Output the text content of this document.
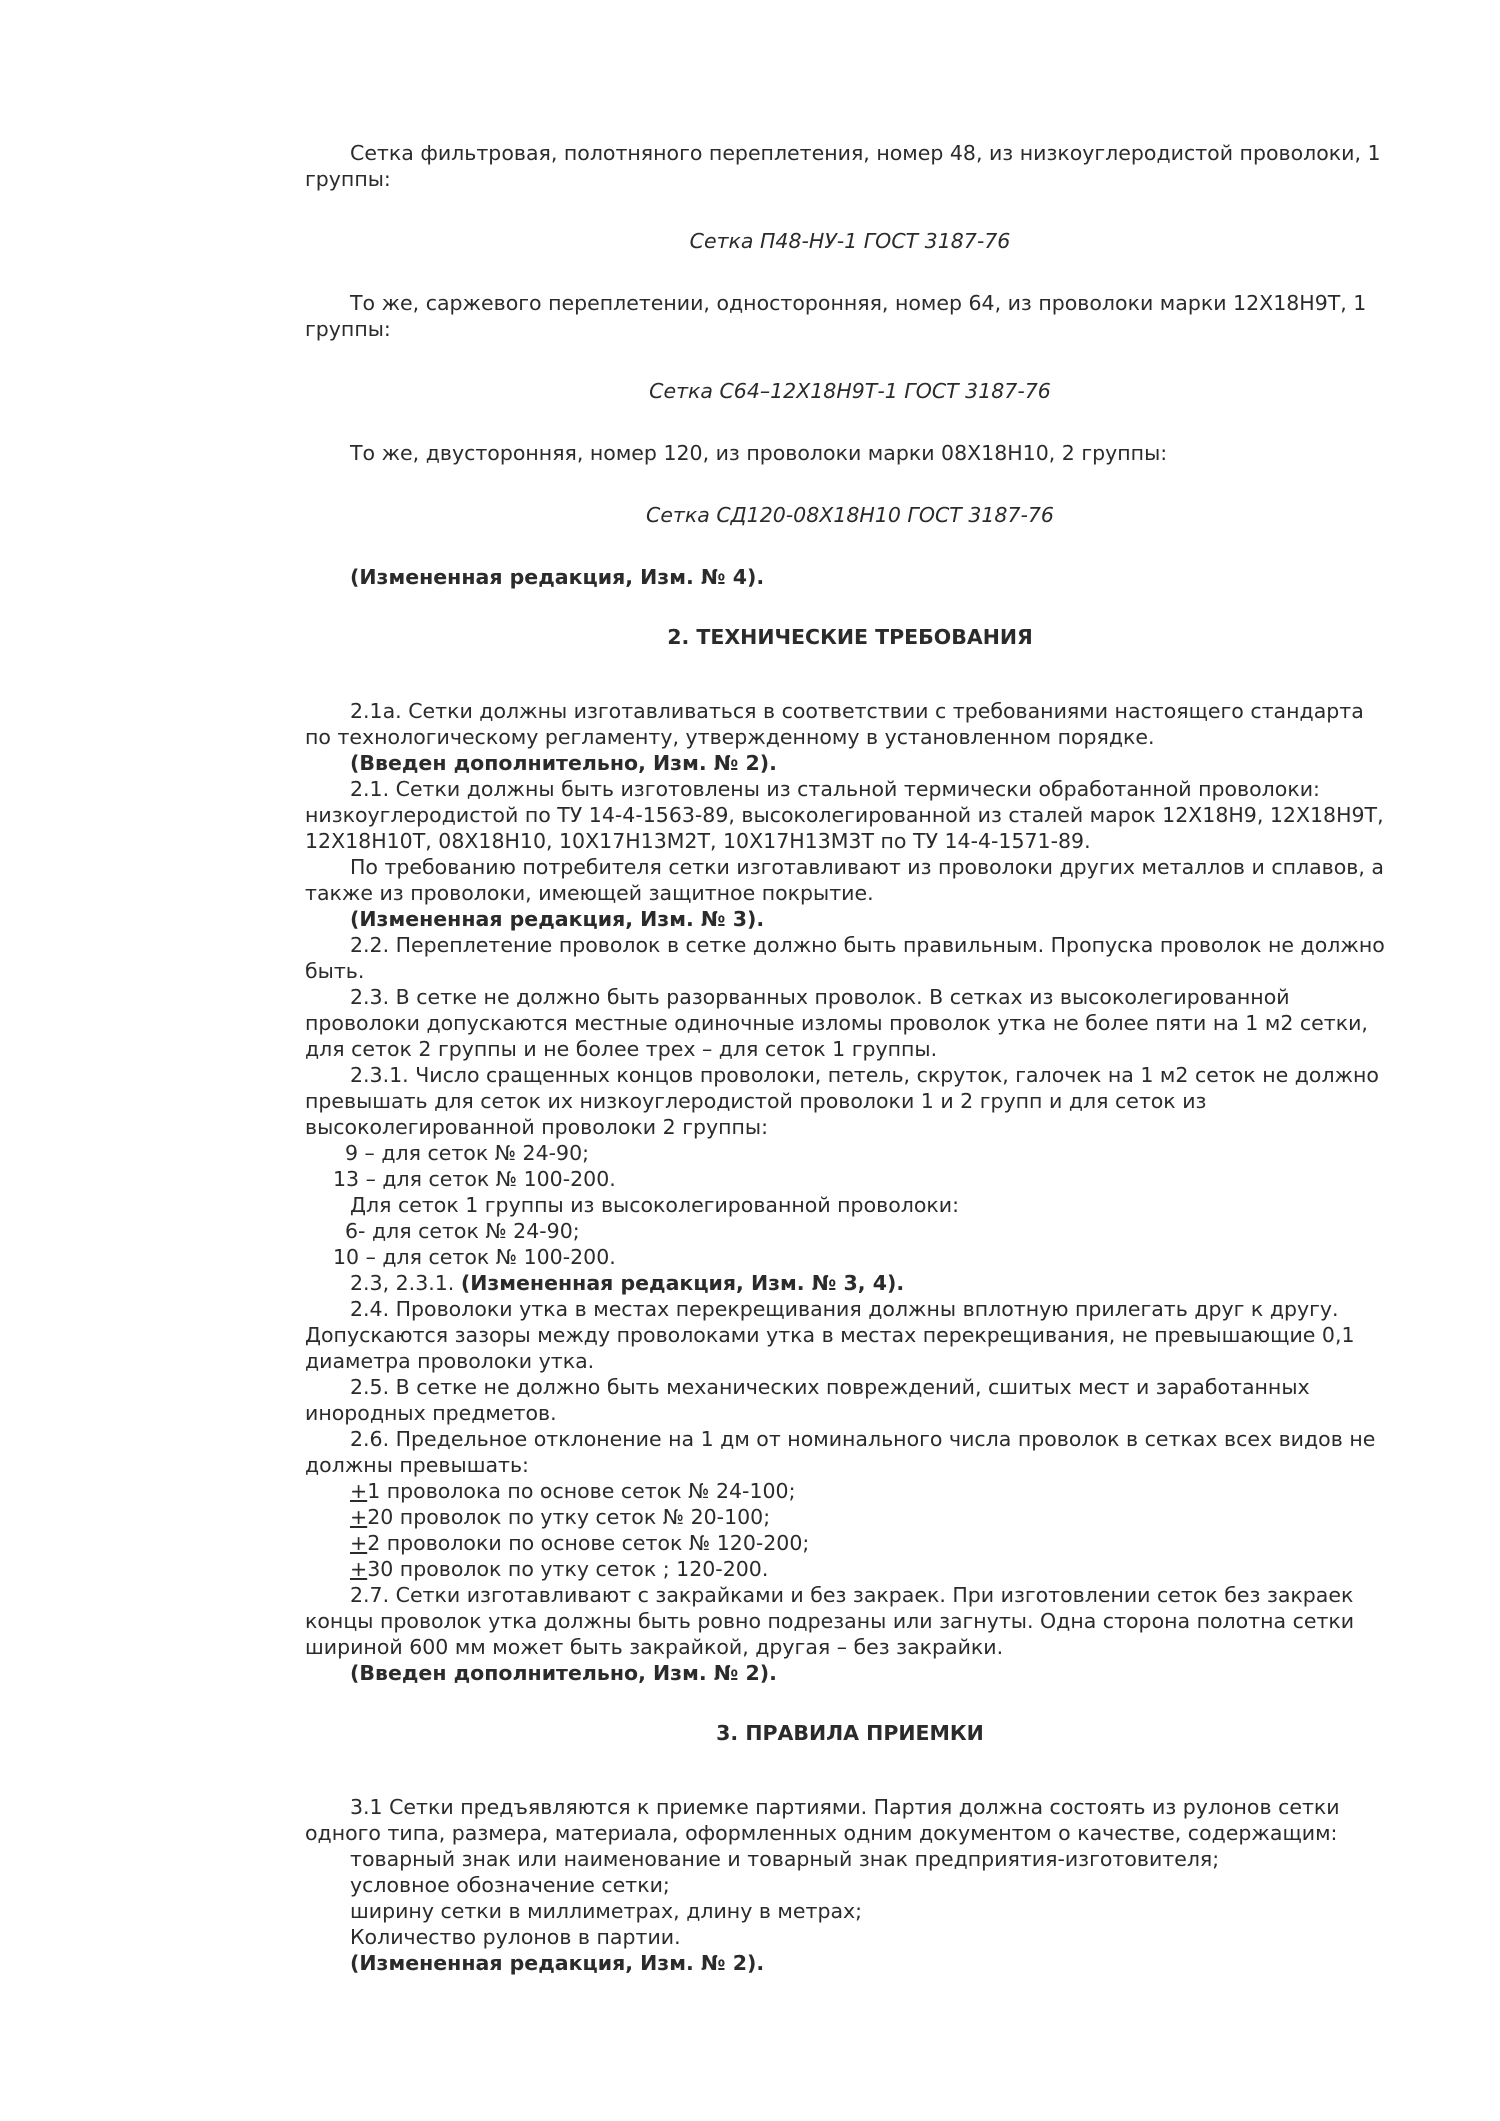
Сетка фильтровая, полотняного переплетения, номер 48, из низкоуглеродистой проволоки, 1 группы:

Сетка П48-НУ-1 ГОСТ 3187-76

То же, саржевого переплетении, односторонняя, номер 64, из проволоки марки 12Х18Н9Т, 1 группы:

Сетка С64–12Х18Н9Т-1 ГОСТ 3187-76

То же, двусторонняя, номер 120, из проволоки марки 08Х18Н10, 2 группы:

Сетка СД120-08Х18Н10 ГОСТ 3187-76

(Измененная редакция, Изм. № 4).

2. ТЕХНИЧЕСКИЕ ТРЕБОВАНИЯ

2.1а. Сетки должны изготавливаться в соответствии с требованиями настоящего стандарта по технологическому регламенту, утвержденному в установленном порядке.

(Введен дополнительно, Изм. № 2).

2.1. Сетки должны быть изготовлены из стальной термически обработанной проволоки: низкоуглеродистой по ТУ 14-4-1563-89, высоколегированной из сталей марок 12Х18Н9, 12Х18Н9Т, 12Х18Н10Т, 08Х18Н10, 10Х17Н13М2Т, 10Х17Н13М3Т по ТУ 14-4-1571-89.

По требованию потребителя сетки изготавливают из проволоки других металлов и сплавов, а также из проволоки, имеющей защитное покрытие.

(Измененная редакция, Изм. № 3).

2.2. Переплетение проволок в сетке должно быть правильным. Пропуска проволок не должно быть.

2.3. В сетке не должно быть разорванных проволок. В сетках из высоколегированной проволоки допускаются местные одиночные изломы проволок утка не более пяти на 1 м2 сетки, для сеток 2 группы и не более трех – для сеток 1 группы.

2.3.1. Число сращенных концов проволоки, петель, скруток, галочек на 1 м2 сеток не должно превышать для сеток их низкоуглеродистой проволоки 1 и 2 групп и для сеток из высоколегированной проволоки 2 группы:

9 – для сеток № 24-90;
13 – для сеток № 100-200.
Для сеток 1 группы из высоколегированной проволоки:
6- для сеток № 24-90;
10 – для сеток № 100-200.

2.3, 2.3.1. (Измененная редакция, Изм. № 3, 4).

2.4. Проволоки утка в местах перекрещивания должны вплотную прилегать друг к другу. Допускаются зазоры между проволоками утка в местах перекрещивания, не превышающие 0,1 диаметра проволоки утка.

2.5. В сетке не должно быть механических повреждений, сшитых мест и заработанных инородных предметов.

2.6. Предельное отклонение на 1 дм от номинального числа проволок в сетках всех видов не должны превышать:

+1 проволока по основе сеток № 24-100;
+20 проволок по утку сеток № 20-100;
+2 проволоки по основе сеток № 120-200;
+30 проволок по утку сеток ; 120-200.

2.7. Сетки изготавливают с закрайками и без закраек. При изготовлении сеток без закраек концы проволок утка должны быть ровно подрезаны или загнуты. Одна сторона полотна сетки шириной 600 мм может быть закрайкой, другая – без закрайки.

(Введен дополнительно, Изм. № 2).

3. ПРАВИЛА ПРИЕМКИ

3.1 Сетки предъявляются к приемке партиями. Партия должна состоять из рулонов сетки одного типа, размера, материала, оформленных одним документом о качестве, содержащим:

товарный знак или наименование и товарный знак предприятия-изготовителя;
условное обозначение сетки;
ширину сетки в миллиметрах, длину в метрах;
Количество рулонов в партии.

(Измененная редакция, Изм. № 2).
